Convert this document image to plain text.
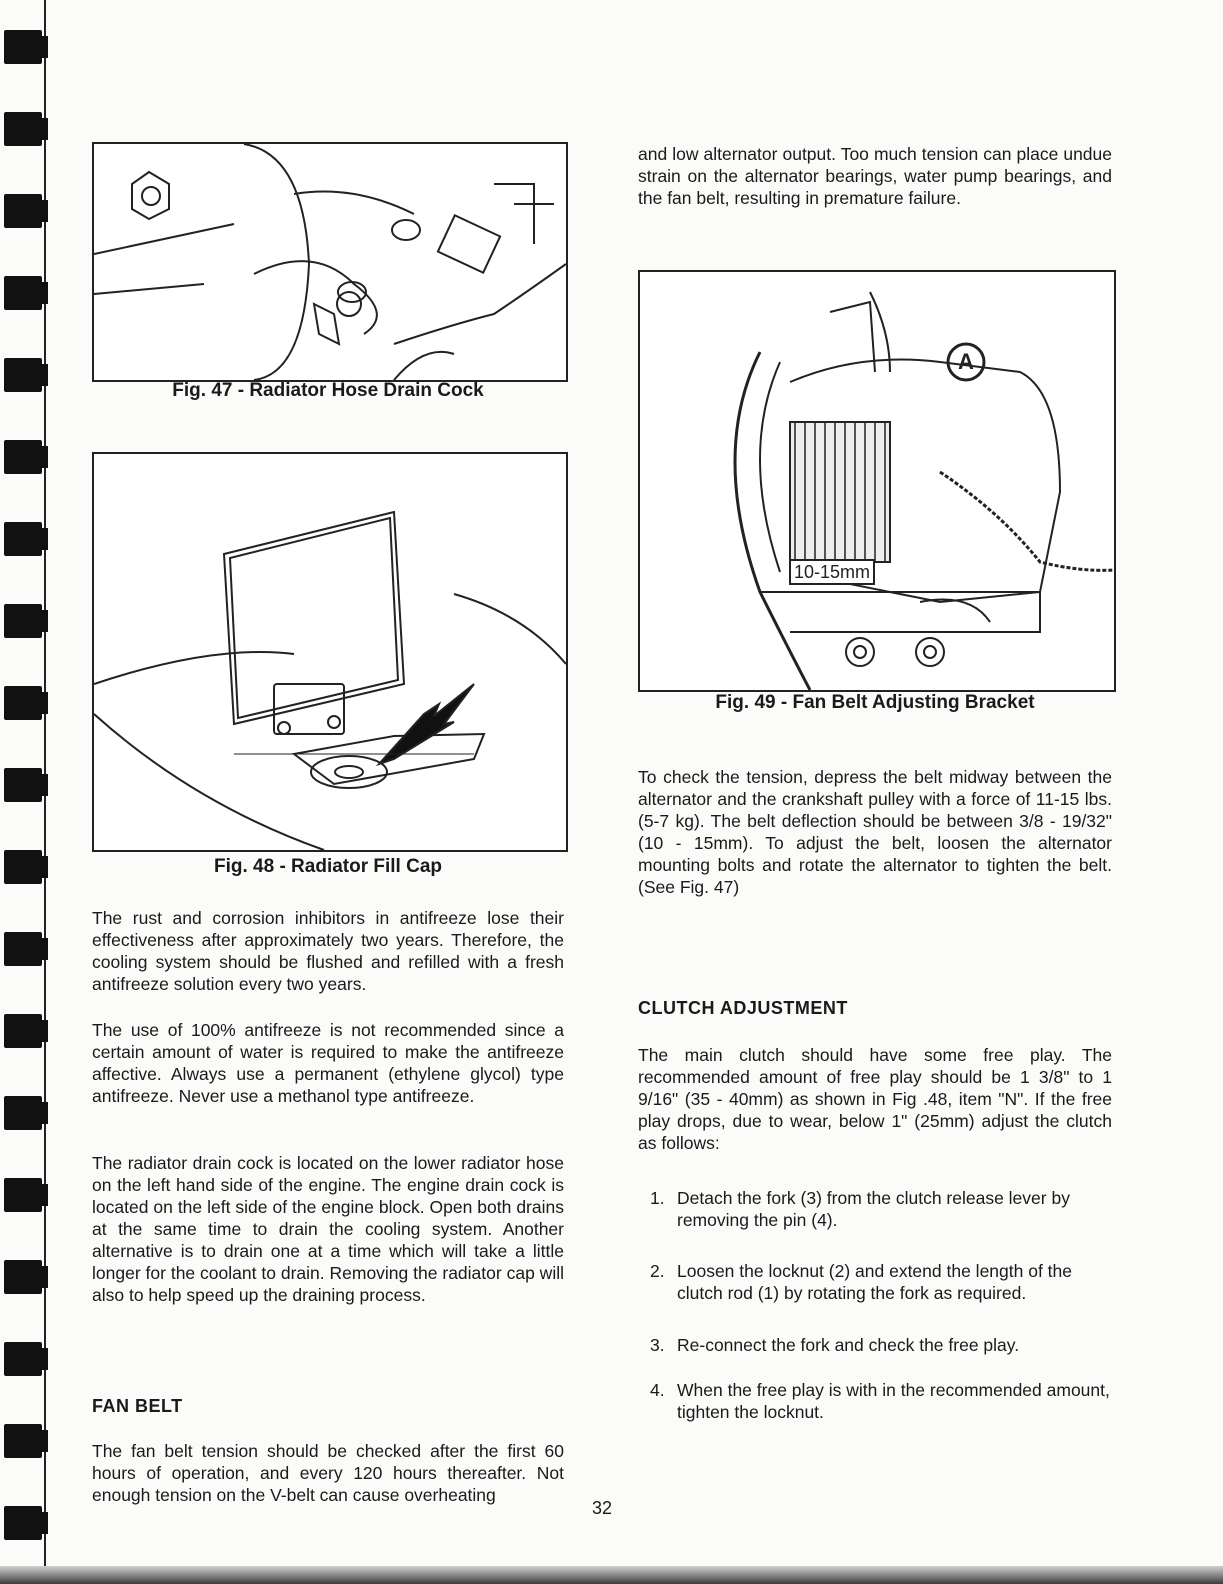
Fig. 47 - Radiator Hose Drain Cock
Fig. 48 - Radiator Fill Cap

The rust and corrosion inhibitors in antifreeze lose their effectiveness after approximately two years. Therefore, the cooling system should be flushed and refilled with a fresh antifreeze solution every two years.

The use of 100% antifreeze is not recommended since a certain amount of water is required to make the antifreeze affective. Always use a permanent (ethylene glycol) type antifreeze. Never use a methanol type antifreeze.

The radiator drain cock is located on the lower radiator hose on the left hand side of the engine. The engine drain cock is located on the left side of the engine block. Open both drains at the same time to drain the cooling system. Another alternative is to drain one at a time which will take a little longer for the coolant to drain. Removing the radiator cap will also to help speed up the draining process.

FAN BELT

The fan belt tension should be checked after the first 60 hours of operation, and every 120 hours thereafter. Not enough tension on the V-belt can cause overheating

and low alternator output. Too much tension can place undue strain on the alternator bearings, water pump bearings, and the fan belt, resulting in premature failure.

A
10-15mm
Fig. 49 - Fan Belt Adjusting Bracket

To check the tension, depress the belt midway between the alternator and the crankshaft pulley with a force of 11-15 lbs. (5-7 kg). The belt deflection should be between 3/8 - 19/32" (10 - 15mm). To adjust the belt, loosen the alternator mounting bolts and rotate the alternator to tighten the belt. (See Fig. 47)

CLUTCH ADJUSTMENT

The main clutch should have some free play. The recommended amount of free play should be 1 3/8" to 1 9/16" (35 - 40mm) as shown in Fig .48, item "N". If the free play drops, due to wear, below 1" (25mm) adjust the clutch as follows:

1. Detach the fork (3) from the clutch release lever by removing the pin (4).
2. Loosen the locknut (2) and extend the length of the clutch rod (1) by rotating the fork as required.
3. Re-connect the fork and check the free play.
4. When the free play is with in the recommended amount, tighten the locknut.
32
